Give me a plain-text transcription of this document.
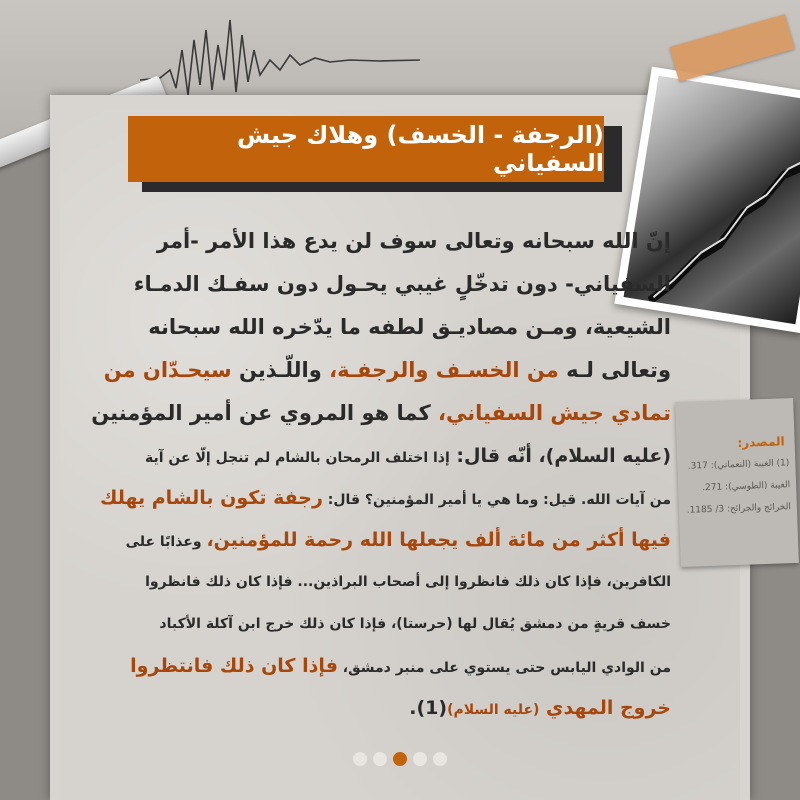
(الرجفة - الخسف) وهلاك جيش السفياني
المصدر:
(1) الغيبة (النعماني): 317.
الغيبة (الطوسي): 271.
الخرائج والجرائح: 3/ 1185.
إنّ الله سبحانه وتعالى سوف لن يدع هذا الأمر -أمر
السفياني- دون تدخّلٍ غيبي يحـول دون سفـك الدمـاء
الشيعية، ومـن مصاديـق لطفه ما يدّخره الله سبحانه
وتعالى لـه من الخسـف والرجفـة، واللّـذين سيحـدّان من
تمادي جيش السفياني، كما هو المروي عن أمير المؤمنين
(عليه السلام)، أنّه قال: إذا اختلف الرمحان بالشام لم تنجل إلّا عن آية
من آيات الله. قيل: وما هي يا أمير المؤمنين؟ قال: رجفة تكون بالشام يهلك
فيها أكثر من مائة ألف يجعلها الله رحمة للمؤمنين، وعذابًا على
الكافرين، فإذا كان ذلك فانظروا إلى أصحاب البراذين... فإذا كان ذلك فانظروا
خسف قريةٍ من دمشق يُقال لها (حرستا)، فإذا كان ذلك خرج ابن آكلة الأكباد
من الوادي اليابس حتى يستوي على منبر دمشق، فإذا كان ذلك فانتظروا
خروج المهدي (عليه السلام)(1).
